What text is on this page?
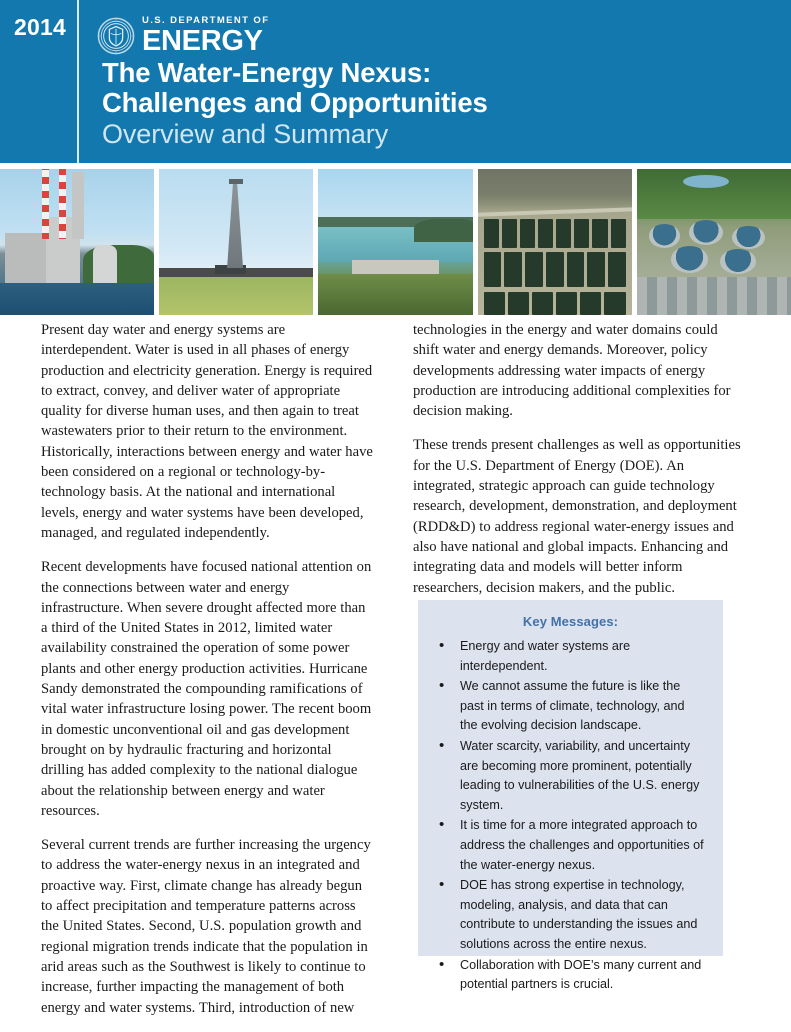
2014	U.S. DEPARTMENT OF
ENERGY
The Water-Energy Nexus:
Challenges and Opportunities
Overview and Summary

Present day water and energy systems are interdependent. Water is used in all phases of energy production and electricity generation. Energy is required to extract, convey, and deliver water of appropriate quality for diverse human uses, and then again to treat wastewaters prior to their return to the environment. Historically, interactions between energy and water have been considered on a regional or technology-by-technology basis. At the national and international levels, energy and water systems have been developed, managed, and regulated independently.

Recent developments have focused national attention on the connections between water and energy infrastructure. When severe drought affected more than a third of the United States in 2012, limited water availability constrained the operation of some power plants and other energy production activities. Hurricane Sandy demonstrated the compounding ramifications of vital water infrastructure losing power. The recent boom in domestic unconventional oil and gas development brought on by hydraulic fracturing and horizontal drilling has added complexity to the national dialogue about the relationship between energy and water resources.

Several current trends are further increasing the urgency to address the water-energy nexus in an integrated and proactive way. First, climate change has already begun to affect precipitation and temperature patterns across the United States. Second, U.S. population growth and regional migration trends indicate that the population in arid areas such as the Southwest is likely to continue to increase, further impacting the management of both energy and water systems. Third, introduction of new

technologies in the energy and water domains could shift water and energy demands. Moreover, policy developments addressing water impacts of energy production are introducing additional complexities for decision making.

These trends present challenges as well as opportunities for the U.S. Department of Energy (DOE). An integrated, strategic approach can guide technology research, development, demonstration, and deployment (RDD&D) to address regional water-energy issues and also have national and global impacts. Enhancing and integrating data and models will better inform researchers, decision makers, and the public.

Key Messages:
• Energy and water systems are interdependent.
• We cannot assume the future is like the past in terms of climate, technology, and the evolving decision landscape.
• Water scarcity, variability, and uncertainty are becoming more prominent, potentially leading to vulnerabilities of the U.S. energy system.
• It is time for a more integrated approach to address the challenges and opportunities of the water-energy nexus.
• DOE has strong expertise in technology, modeling, analysis, and data that can contribute to understanding the issues and solutions across the entire nexus.
• Collaboration with DOE’s many current and potential partners is crucial.
